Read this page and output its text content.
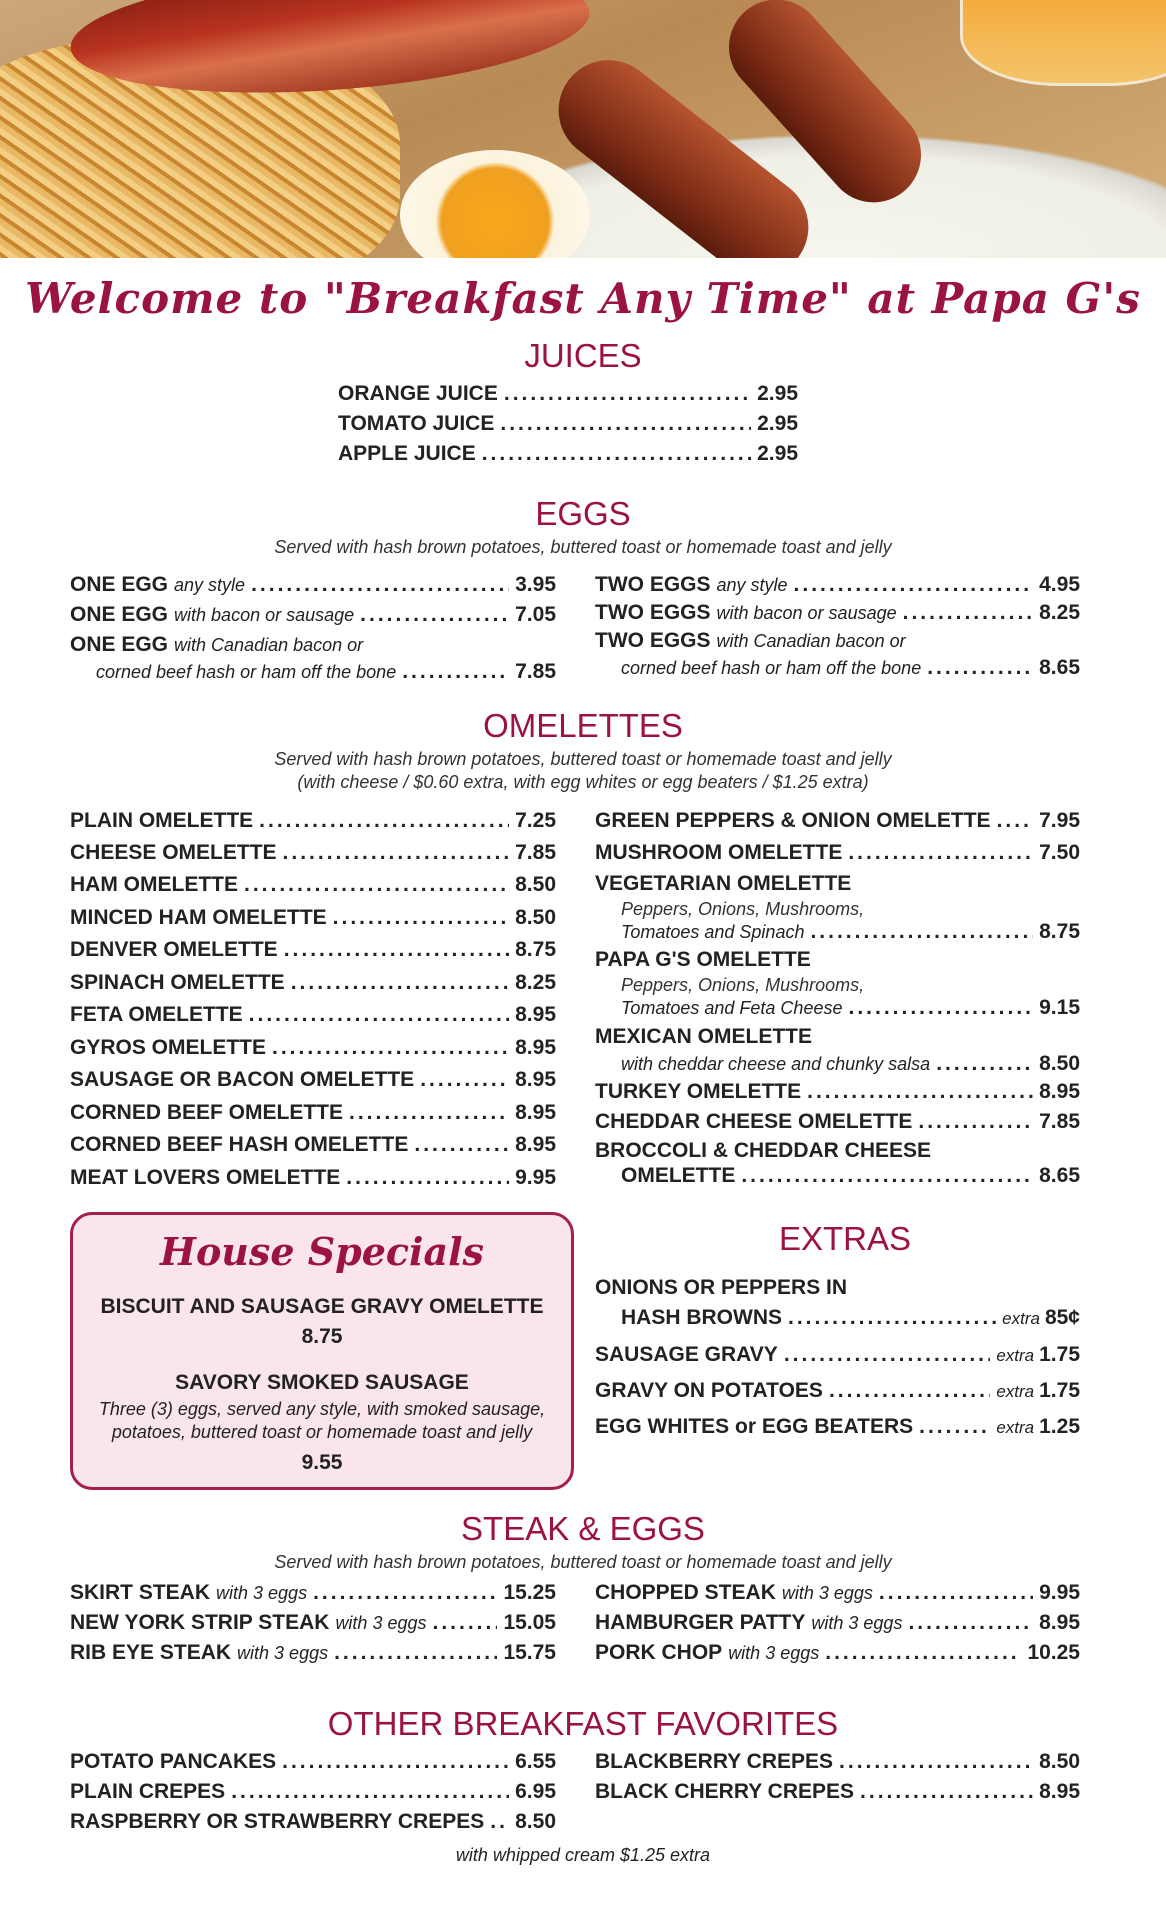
Welcome to "Breakfast Any Time" at Papa G's
JUICES
ORANGE JUICE .....	2.95
TOMATO JUICE .....	2.95
APPLE JUICE .....	2.95
EGGS
Served with hash brown potatoes, buttered toast or homemade toast and jelly
ONE EGG any style .....	3.95
ONE EGG with bacon or sausage .....	7.05
ONE EGG with Canadian bacon or
corned beef hash or ham off the bone .....	7.85
TWO EGGS any style .....	4.95
TWO EGGS with bacon or sausage .....	8.25
TWO EGGS with Canadian bacon or
corned beef hash or ham off the bone .....	8.65
OMELETTES
Served with hash brown potatoes, buttered toast or homemade toast and jelly
(with cheese / $0.60 extra, with egg whites or egg beaters / $1.25 extra)
PLAIN OMELETTE .....	7.25
CHEESE OMELETTE .....	7.85
HAM OMELETTE .....	8.50
MINCED HAM OMELETTE .....	8.50
DENVER OMELETTE .....	8.75
SPINACH OMELETTE .....	8.25
FETA OMELETTE .....	8.95
GYROS OMELETTE .....	8.95
SAUSAGE OR BACON OMELETTE .....	8.95
CORNED BEEF OMELETTE .....	8.95
CORNED BEEF HASH OMELETTE .....	8.95
MEAT LOVERS OMELETTE .....	9.95
GREEN PEPPERS & ONION OMELETTE ..... 7.95
MUSHROOM OMELETTE .....	7.50
VEGETARIAN OMELETTE
Peppers, Onions, Mushrooms,
Tomatoes and Spinach .....	8.75
PAPA G'S OMELETTE
Peppers, Onions, Mushrooms,
Tomatoes and Feta Cheese .....	9.15
MEXICAN OMELETTE
with cheddar cheese and chunky salsa .....	8.50
TURKEY OMELETTE .....	8.95
CHEDDAR CHEESE OMELETTE .....	7.85
BROCCOLI & CHEDDAR CHEESE
OMELETTE .....	8.65
House Specials
BISCUIT AND SAUSAGE GRAVY OMELETTE
8.75
SAVORY SMOKED SAUSAGE
Three (3) eggs, served any style, with smoked sausage,
potatoes, buttered toast or homemade toast and jelly
9.55
EXTRAS
ONIONS OR PEPPERS IN
HASH BROWNS .....	extra 85¢
SAUSAGE GRAVY .....	extra 1.75
GRAVY ON POTATOES .....	extra 1.75
EGG WHITES or EGG BEATERS .....	extra 1.25
STEAK & EGGS
Served with hash brown potatoes, buttered toast or homemade toast and jelly
SKIRT STEAK with 3 eggs .....	15.25
NEW YORK STRIP STEAK with 3 eggs .....	15.05
RIB EYE STEAK with 3 eggs .....	15.75
CHOPPED STEAK with 3 eggs .....	9.95
HAMBURGER PATTY with 3 eggs .....	8.95
PORK CHOP with 3 eggs .....	10.25
OTHER BREAKFAST FAVORITES
POTATO PANCAKES .....	6.55
PLAIN CREPES .....	6.95
RASPBERRY OR STRAWBERRY CREPES ..... 8.50
BLACKBERRY CREPES .....	8.50
BLACK CHERRY CREPES .....	8.95
with whipped cream $1.25 extra
